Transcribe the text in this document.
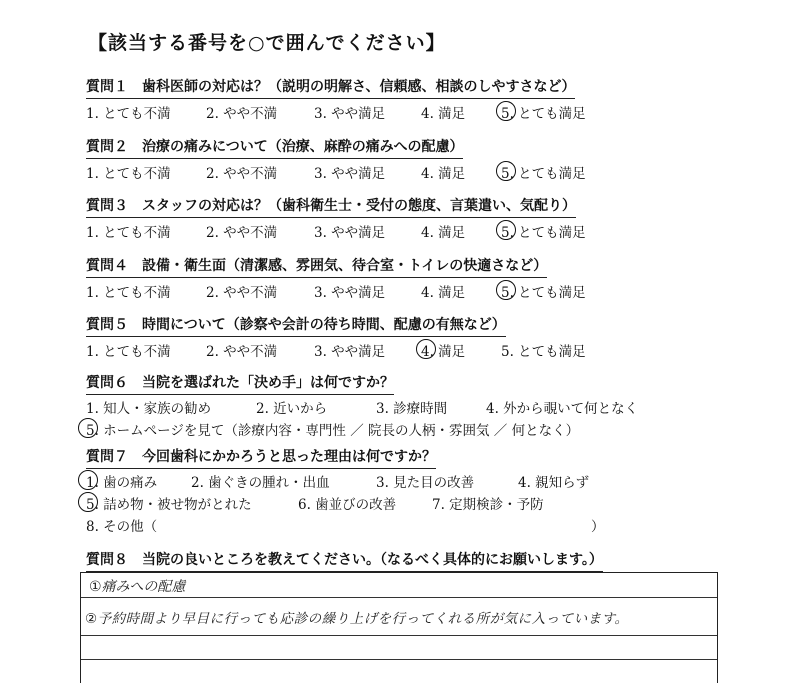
【該当する番号を○で囲んでください】
質問１　歯科医師の対応は？（説明の明解さ、信頼感、相談のしやすさなど）
1. とても不満	2. やや不満	3. やや満足	4. 満足	5. とても満足
質問２　治療の痛みについて（治療、麻酔の痛みへの配慮）
1. とても不満	2. やや不満	3. やや満足	4. 満足	5. とても満足
質問３　スタッフの対応は？（歯科衛生士・受付の態度、言葉遣い、気配り）
1. とても不満	2. やや不満	3. やや満足	4. 満足	5. とても満足
質問４　設備・衛生面（清潔感、雰囲気、待合室・トイレの快適さなど）
1. とても不満	2. やや不満	3. やや満足	4. 満足	5. とても満足
質問５　時間について（診察や会計の待ち時間、配慮の有無など）
1. とても不満	2. やや不満	3. やや満足	4. 満足	5. とても満足
質問６　当院を選ばれた「決め手」は何ですか？
1. 知人・家族の勧め	2. 近いから	3. 診療時間	4. 外から覗いて何となく
5. ホームページを見て（診療内容・専門性 ／ 院長の人柄・雰囲気 ／ 何となく）
質問７　今回歯科にかかろうと思った理由は何ですか？
1. 歯の痛み	2. 歯ぐきの腫れ・出血	3. 見た目の改善	4. 親知らず
5. 詰め物・被せ物がとれた	6. 歯並びの改善	7. 定期検診・予防
8. その他（	）
質問８　当院の良いところを教えてください。（なるべく具体的にお願いします。）
①痛みへの配慮
②予約時間より早目に行っても応診の繰り上げを行ってくれる所が気に入っています。
